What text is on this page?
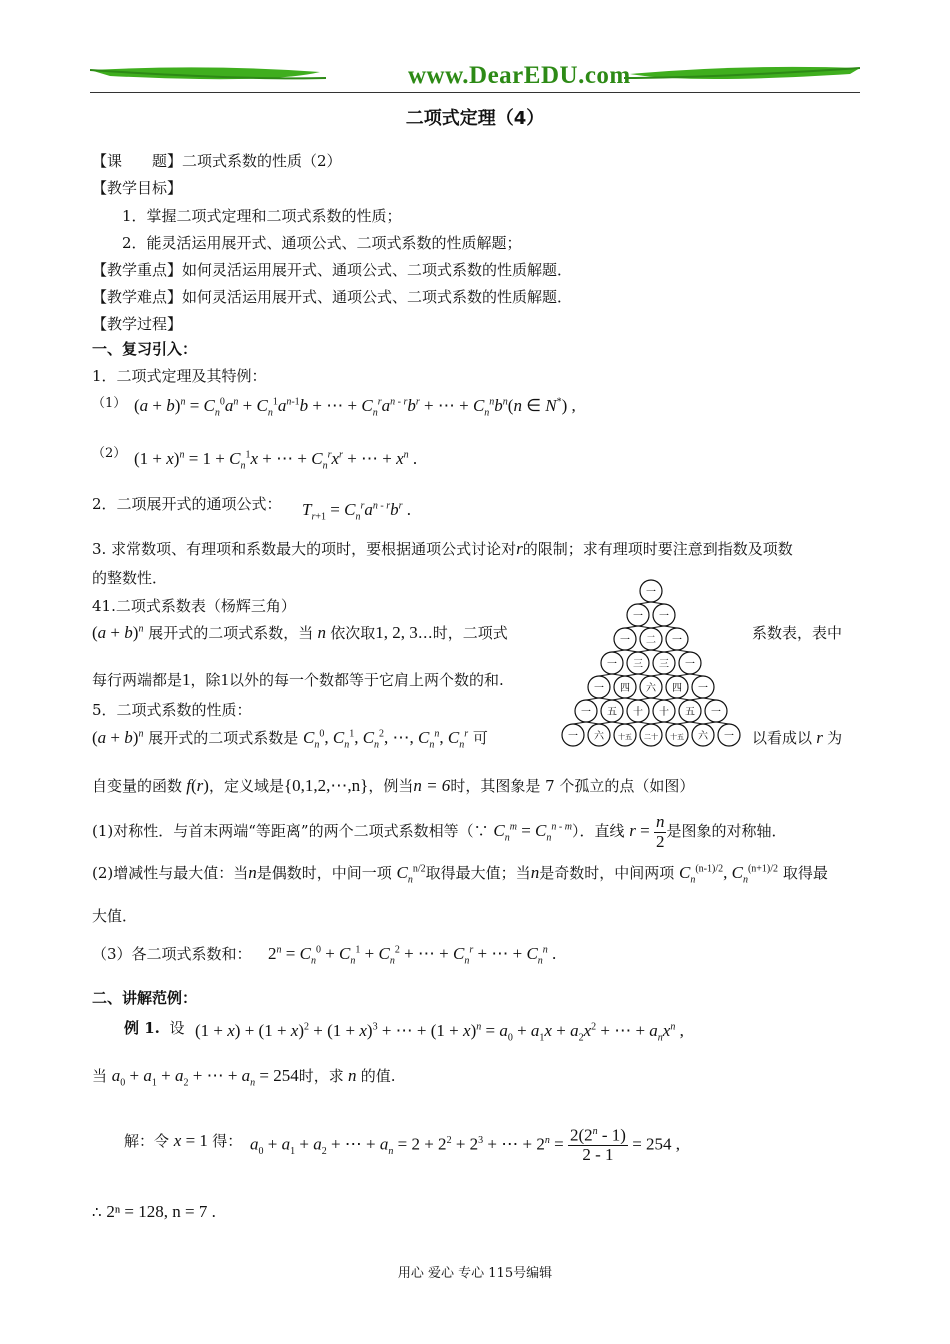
www.DearEDU.com
二项式定理（4）
【课　　题】二项式系数的性质（2）
【教学目标】
1．掌握二项式定理和二项式系数的性质；
2．能灵活运用展开式、通项公式、二项式系数的性质解题；
【教学重点】如何灵活运用展开式、通项公式、二项式系数的性质解题．
【教学难点】如何灵活运用展开式、通项公式、二项式系数的性质解题．
【教学过程】
一、复习引入：
1．二项式定理及其特例：
（1） $(a + b)^n = C_n^0a^n + C_n^1a^{n-1}b$ + ⋯ + $C_n^ra^{n - r}b^r$ + ⋯ + $C_n^nb^n(n$ ∈ N*) ,
（2） $(1 + x)^n = 1 + C_n^1x$ + ⋯ + $C_n^rx^r$ + ⋯ + $x^n$ .
2．二项展开式的通项公式： $T_{r+1} = C_n^ra^{n - r}b^r$ .
3. 求常数项、有理项和系数最大的项时，要根据通项公式讨论对r的限制；求有理项时要注意到指数及项数
的整数性．
41.二项式系数表（杨辉三角）
$(a + b)^n$ 展开式的二项式系数，当 n 依次取1, 2, 3…时，二项式	系数表，表中
每行两端都是1，除1以外的每一个数都等于它肩上两个数的和.
一
一 一
一 二 一
一 三 三 一
一 四 六 四 一
一 五 十 十 五 一
一 六 十五 二十 十五 六 一
5．二项式系数的性质：
$(a + b)^n$ 展开式的二项式系数是 $C_n^0$, $C_n^1$, $C_n^2$, ⋯, $C_n^n$, $C_n^r$ 可	以看成以 r 为
自变量的函数 f(r)，定义域是{0,1,2,⋯,n}，例当n = 6时，其图象是 7 个孤立的点（如图）
(1)对称性．与首末两端“等距离”的两个二项式系数相等（∵ $C_n^m = C_n^{n - m}$）．直线 $r = \frac{n}{2}$ 是图象的对称轴．
(2)增减性与最大值：当n是偶数时，中间一项 $C_n^{n/2}$取得最大值；当n是奇数时，中间两项 $C_n^{(n-1)/2}$, $C_n^{(n+1)/2}$ 取得最
大值．
（3）各二项式系数和： $2^n = C_n^0 + C_n^1 + C_n^2$ + ⋯ + $C_n^r$ + ⋯ + $C_n^n$ .
二、讲解范例：
例 1. 设 $(1 + x) + (1 + x)^2 + (1 + x)^3$ + ⋯ + $(1 + x)^n = a_0 + a_1x + a_2x^2$ + ⋯ + $a_nx^n$ ,
当 $a_0 + a_1 + a_2$ + ⋯ + $a_n = 254$时，求 n 的值.
解：令 x = 1 得： $a_0 + a_1 + a_2$ + ⋯ + $a_n = 2 + 2^2 + 2^3$ + ⋯ + $2^n = \frac{2(2^n - 1)}{2 - 1} = 254$ ,
∴ 2ⁿ = 128, n = 7 .
用心 爱心 专心 115号编辑
